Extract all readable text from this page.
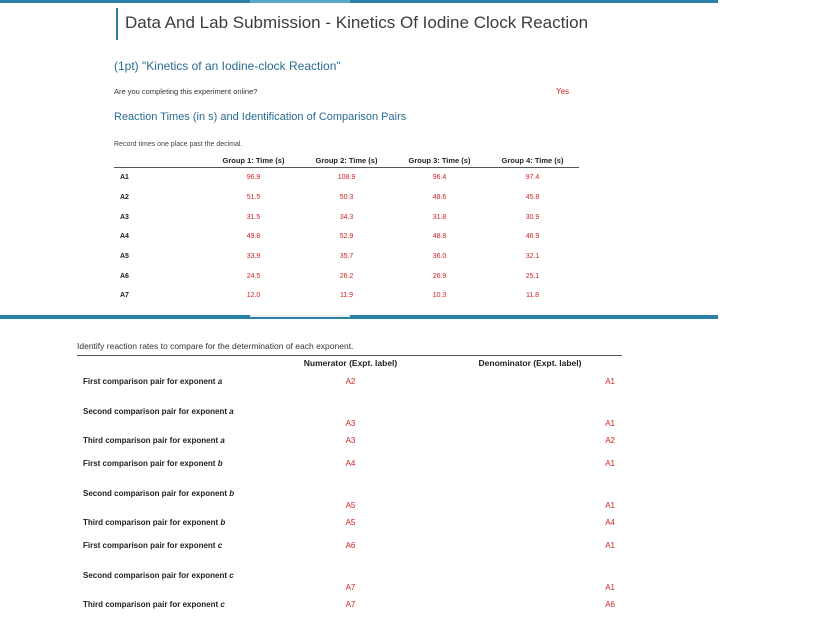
Data And Lab Submission - Kinetics Of Iodine Clock Reaction
(1pt) "Kinetics of an Iodine-clock Reaction"
Are you completing this experiment online?	Yes
Reaction Times (in s) and Identification of Comparison Pairs
Record times one place past the decimal.
	Group 1: Time (s)	Group 2: Time (s)	Group 3: Time (s)	Group 4: Time (s)
A1	96.9	108.9	96.4	97.4
A2	51.5	50.3	48.6	45.8
A3	31.5	34.3	31.8	30.9
A4	49.8	52.9	48.8	46.9
A5	33.9	35.7	36.0	32.1
A6	24.5	26.2	26.9	25.1
A7	12.0	11.9	10.3	11.8
Identify reaction rates to compare for the determination of each exponent.
	Numerator (Expt. label)	Denominator (Expt. label)
First comparison pair for exponent a	A2	A1
Second comparison pair for exponent a	A3	A1
Third comparison pair for exponent a	A3	A2
First comparison pair for exponent b	A4	A1
Second comparison pair for exponent b	A5	A1
Third comparison pair for exponent b	A5	A4
First comparison pair for exponent c	A6	A1
Second comparison pair for exponent c	A7	A1
Third comparison pair for exponent c	A7	A6
